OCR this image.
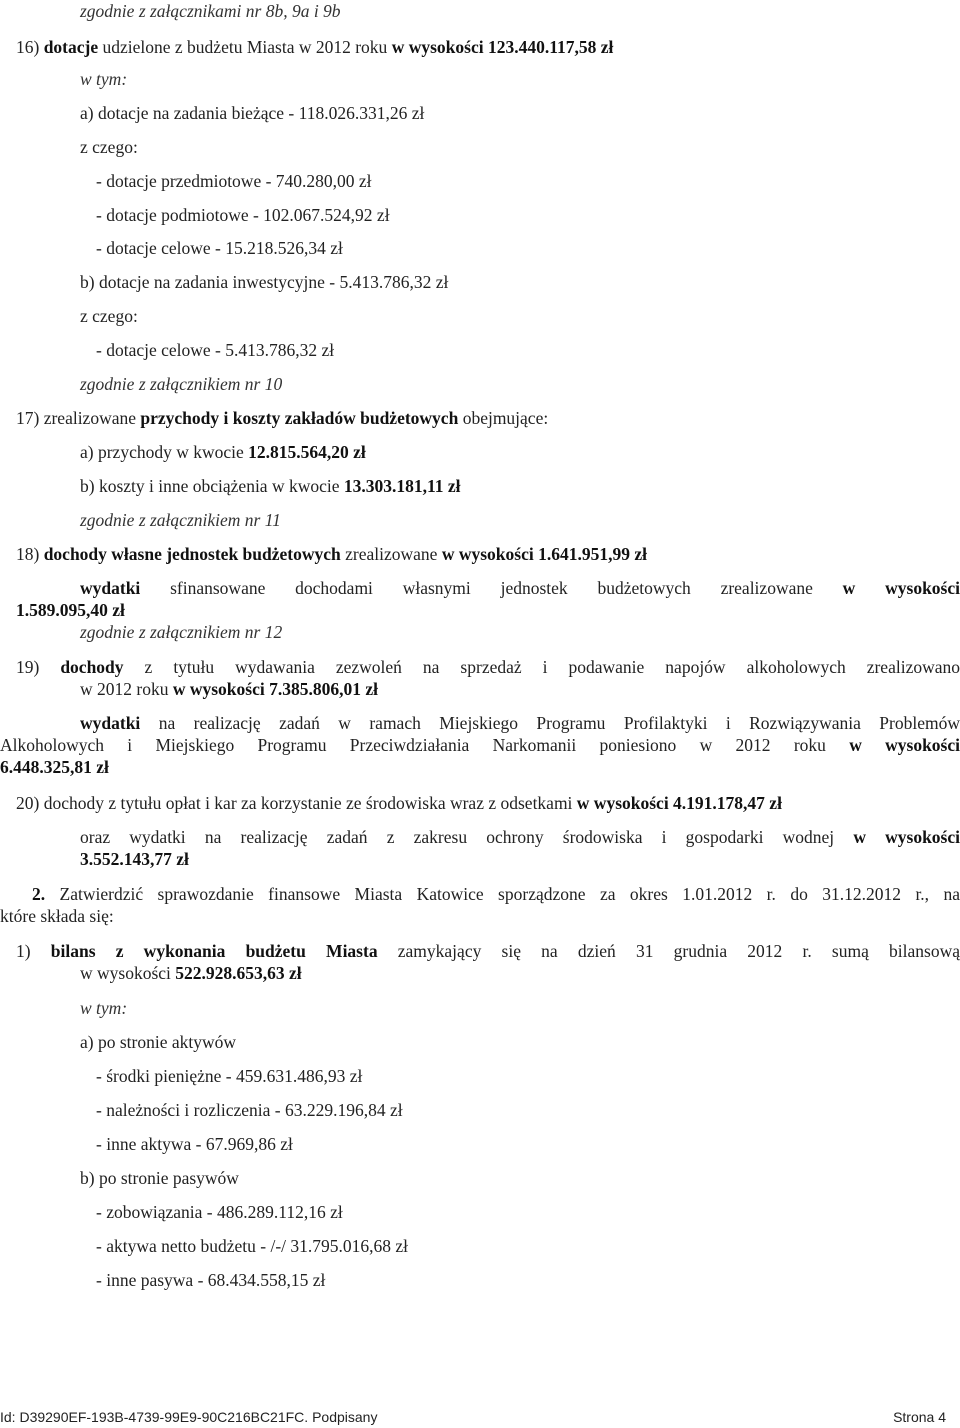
zgodnie z załącznikami nr 8b, 9a i 9b
16) dotacje udzielone z budżetu Miasta w 2012 roku w wysokości 123.440.117,58 zł
w tym:
a) dotacje na zadania bieżące - 118.026.331,26 zł
z czego:
- dotacje przedmiotowe - 740.280,00 zł
- dotacje podmiotowe - 102.067.524,92 zł
- dotacje celowe - 15.218.526,34 zł
b) dotacje na zadania inwestycyjne - 5.413.786,32 zł
z czego:
- dotacje celowe - 5.413.786,32 zł
zgodnie z załącznikiem nr 10
17) zrealizowane przychody i koszty zakładów budżetowych obejmujące:
a) przychody w kwocie 12.815.564,20 zł
b) koszty i inne obciążenia w kwocie 13.303.181,11 zł
zgodnie z załącznikiem nr 11
18) dochody własne jednostek budżetowych zrealizowane w wysokości 1.641.951,99 zł
wydatki sfinansowane dochodami własnymi jednostek budżetowych zrealizowane w wysokości
1.589.095,40 zł
zgodnie z załącznikiem nr 12
19) dochody z tytułu wydawania zezwoleń na sprzedaż i podawanie napojów alkoholowych zrealizowano
w 2012 roku w wysokości 7.385.806,01 zł
wydatki na realizację zadań w ramach Miejskiego Programu Profilaktyki i Rozwiązywania Problemów
Alkoholowych i Miejskiego Programu Przeciwdziałania Narkomanii poniesiono w 2012 roku w wysokości
6.448.325,81 zł
20) dochody z tytułu opłat i kar za korzystanie ze środowiska wraz z odsetkami w wysokości 4.191.178,47 zł
oraz wydatki na realizację zadań z zakresu ochrony środowiska i gospodarki wodnej w wysokości
3.552.143,77 zł
2. Zatwierdzić sprawozdanie finansowe Miasta Katowice sporządzone za okres 1.01.2012 r. do 31.12.2012 r., na
które składa się:
1) bilans z wykonania budżetu Miasta zamykający się na dzień 31 grudnia 2012 r. sumą bilansową
w wysokości 522.928.653,63 zł
w tym:
a) po stronie aktywów
- środki pieniężne - 459.631.486,93 zł
- należności i rozliczenia - 63.229.196,84 zł
- inne aktywa - 67.969,86 zł
b) po stronie pasywów
- zobowiązania - 486.289.112,16 zł
- aktywa netto budżetu - /-/ 31.795.016,68 zł
- inne pasywa - 68.434.558,15 zł
Id: D39290EF-193B-4739-99E9-90C216BC21FC. Podpisany	Strona 4
